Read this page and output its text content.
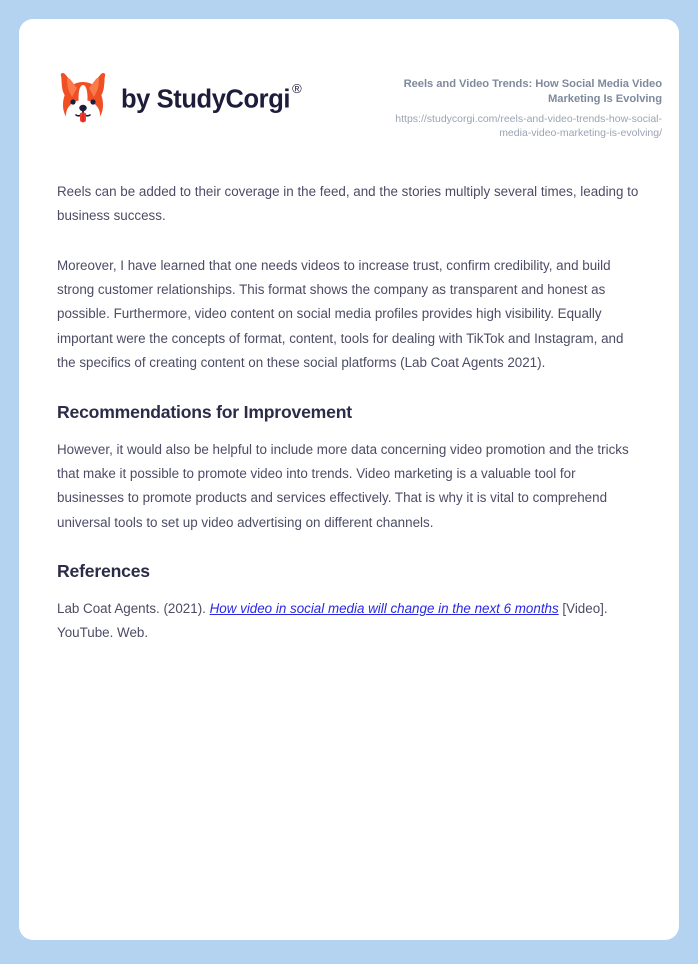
by StudyCorgi ®	Reels and Video Trends: How Social Media Video Marketing Is Evolving
https://studycorgi.com/reels-and-video-trends-how-social-media-video-marketing-is-evolving/

Reels can be added to their coverage in the feed, and the stories multiply several times, leading to business success.

Moreover, I have learned that one needs videos to increase trust, confirm credibility, and build strong customer relationships. This format shows the company as transparent and honest as possible. Furthermore, video content on social media profiles provides high visibility. Equally important were the concepts of format, content, tools for dealing with TikTok and Instagram, and the specifics of creating content on these social platforms (Lab Coat Agents 2021).

Recommendations for Improvement

However, it would also be helpful to include more data concerning video promotion and the tricks that make it possible to promote video into trends. Video marketing is a valuable tool for businesses to promote products and services effectively. That is why it is vital to comprehend universal tools to set up video advertising on different channels.

References

Lab Coat Agents. (2021). How video in social media will change in the next 6 months [Video]. YouTube. Web.
